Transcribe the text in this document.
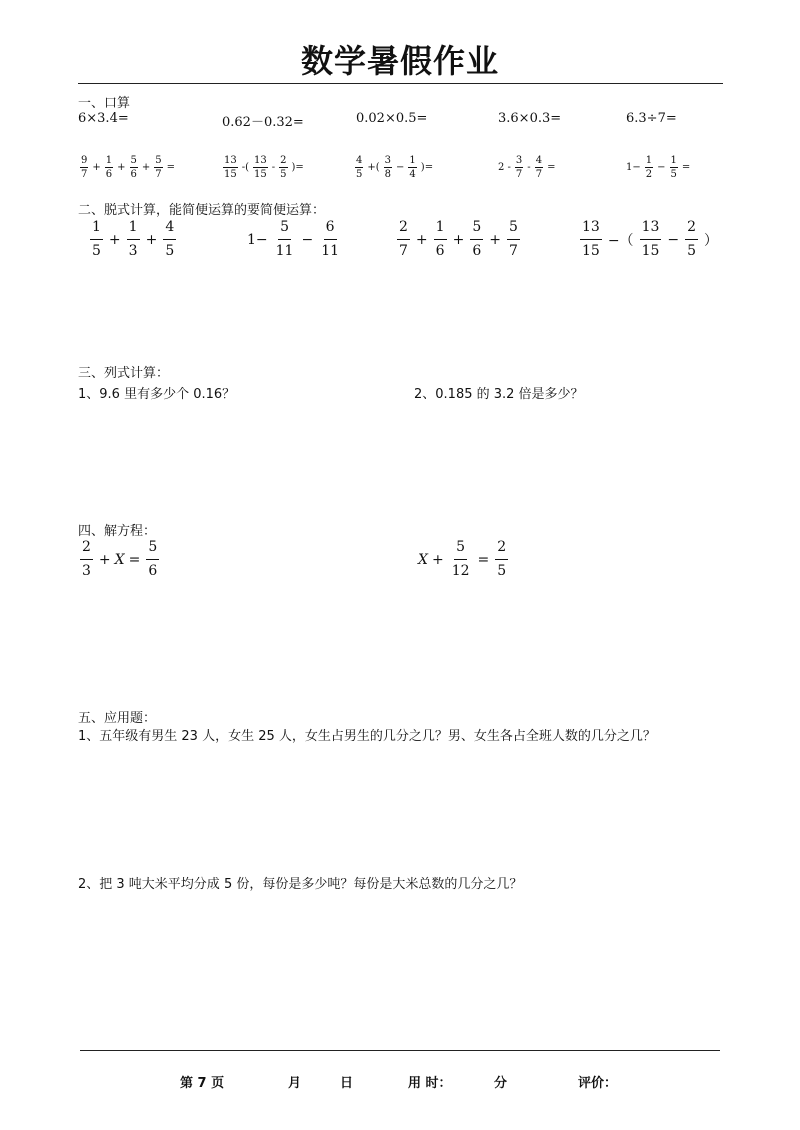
数学暑假作业
一、口算
6×3.4=	0.62－0.32=	0.02×0.5=	3.6×0.3=	6.3÷7=
$\frac{9}{7} + \frac{1}{6} + \frac{5}{6} + \frac{5}{7}$ =	$\frac{13}{15}$ -( $\frac{13}{15} - \frac{2}{5}$ )=	$\frac{4}{5}$ +( $\frac{3}{8} - \frac{1}{4}$ )=	$2 - \frac{3}{7} - \frac{4}{7}$ =	$1- \frac{1}{2} - \frac{1}{5}$ =
二、脱式计算，能简便运算的要简便运算：
$\frac{1}{5} + \frac{1}{3} + \frac{4}{5}$	$1- \frac{5}{11} - \frac{6}{11}$	$\frac{2}{7} + \frac{1}{6} + \frac{5}{6} + \frac{5}{7}$	$\frac{13}{15}$ −（ $\frac{13}{15} - \frac{2}{5}$ ）
三、列式计算：
1、9.6 里有多少个 0.16？	2、0.185 的 3.2 倍是多少？
四、解方程：
$\frac{2}{3} + X = \frac{5}{6}$	$X + \frac{5}{12} = \frac{2}{5}$
五、应用题：
1、五年级有男生 23 人，女生 25 人，女生占男生的几分之几？男、女生各占全班人数的几分之几？
2、把 3 吨大米平均分成 5 份，每份是多少吨？每份是大米总数的几分之几？
第 7 页	月	日	用 时：	分	评价：
